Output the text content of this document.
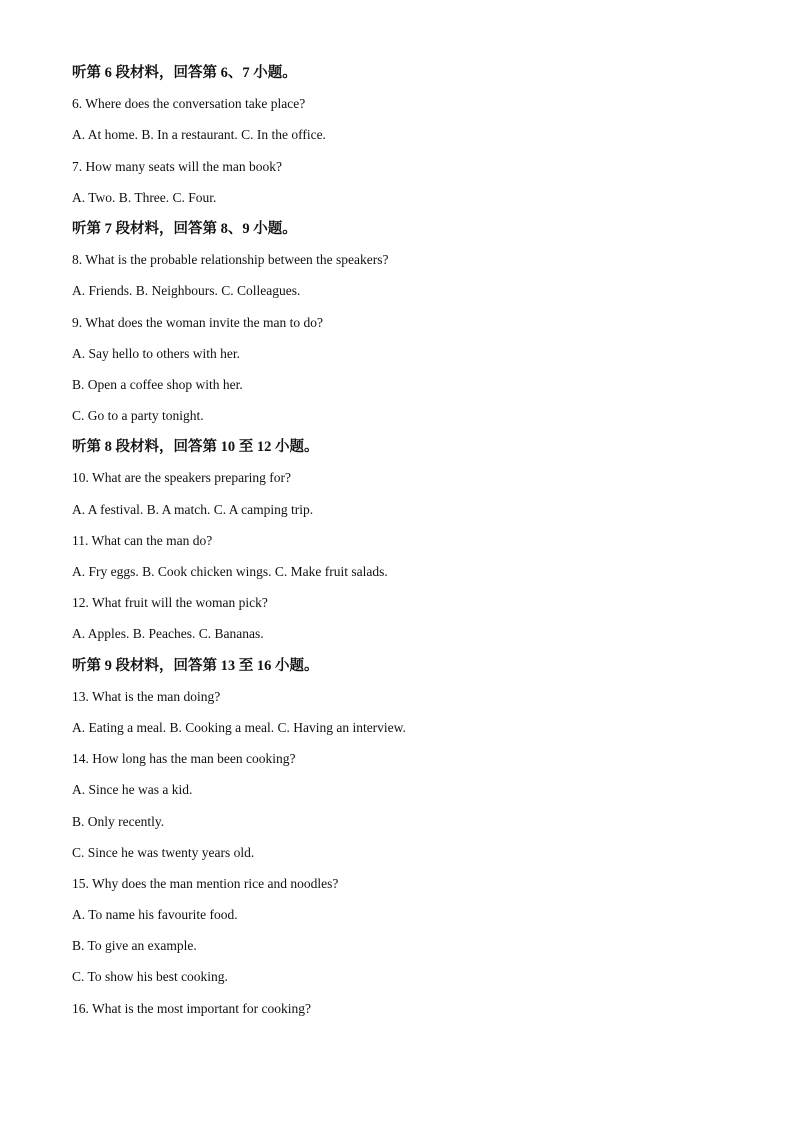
听第 6 段材料，回答第 6、7 小题。
6. Where does the conversation take place?
A. At home. B. In a restaurant. C. In the office.
7. How many seats will the man book?
A. Two. B. Three. C. Four.
听第 7 段材料，回答第 8、9 小题。
8. What is the probable relationship between the speakers?
A. Friends. B. Neighbours. C. Colleagues.
9. What does the woman invite the man to do?
A. Say hello to others with her.
B. Open a coffee shop with her.
C. Go to a party tonight.
听第 8 段材料，回答第 10 至 12 小题。
10. What are the speakers preparing for?
A. A festival. B. A match. C. A camping trip.
11. What can the man do?
A. Fry eggs. B. Cook chicken wings. C. Make fruit salads.
12. What fruit will the woman pick?
A. Apples. B. Peaches. C. Bananas.
听第 9 段材料，回答第 13 至 16 小题。
13. What is the man doing?
A. Eating a meal. B. Cooking a meal. C. Having an interview.
14. How long has the man been cooking?
A. Since he was a kid.
B. Only recently.
C. Since he was twenty years old.
15. Why does the man mention rice and noodles?
A. To name his favourite food.
B. To give an example.
C. To show his best cooking.
16. What is the most important for cooking?
